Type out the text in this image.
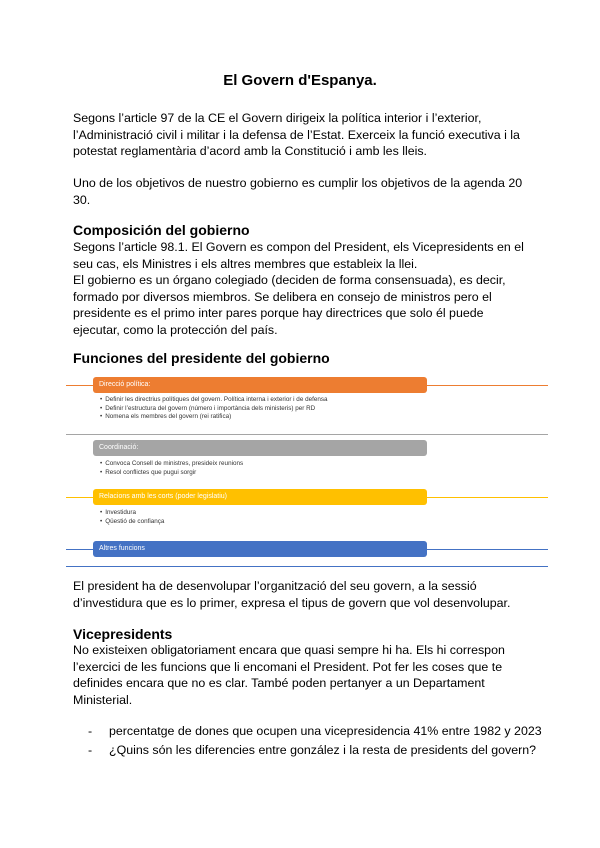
El Govern d'Espanya.

Segons l’article 97 de la CE el Govern dirigeix la política interior i l’exterior, l’Administració civil i militar i la defensa de l’Estat. Exerceix la funció executiva i la potestat reglamentària d’acord amb la Constitució i amb les lleis.

Uno de los objetivos de nuestro gobierno es cumplir los objetivos de la agenda 20 30.

Composición del gobierno

Segons l’article 98.1. El Govern es compon del President, els Vicepresidents en el seu cas, els Ministres i els altres membres que estableix la llei.

El gobierno es un órgano colegiado (deciden de forma consensuada), es decir, formado por diversos miembros. Se delibera en consejo de ministros pero el presidente es el primo inter pares porque hay directrices que solo él puede ejecutar, como la protección del país.

Funciones del presidente del gobierno
Direcció política:
• Definir les directrius polítiques del govern. Política interna i exterior i de defensa
• Definir l’estructura del govern (número i importància dels ministeris) per RD
• Nomena els membres del govern (rei ratifica)
Coordinació:
• Convoca Consell de ministres, presideix reunions
• Resol conflictes que pugui sorgir
Relacions amb les corts (poder legislatiu)
• Investidura
• Qüestió de confiança
Altres funcions

El president ha de desenvolupar l’organització del seu govern, a la sessió d’investidura que es lo primer, expresa el tipus de govern que vol desenvolupar.

Vicepresidents

No existeixen obligatoriament encara que quasi sempre hi ha. Els hi correspon l’exercici de les funcions que li encomani el President. Pot fer les coses que te definides encara que no es clar. També poden pertanyer a un Departament Ministerial.

- percentatge de dones que ocupen una vicepresidencia 41% entre 1982 y 2023
- ¿Quins són les diferencies entre gonzález i la resta de presidents del govern?
